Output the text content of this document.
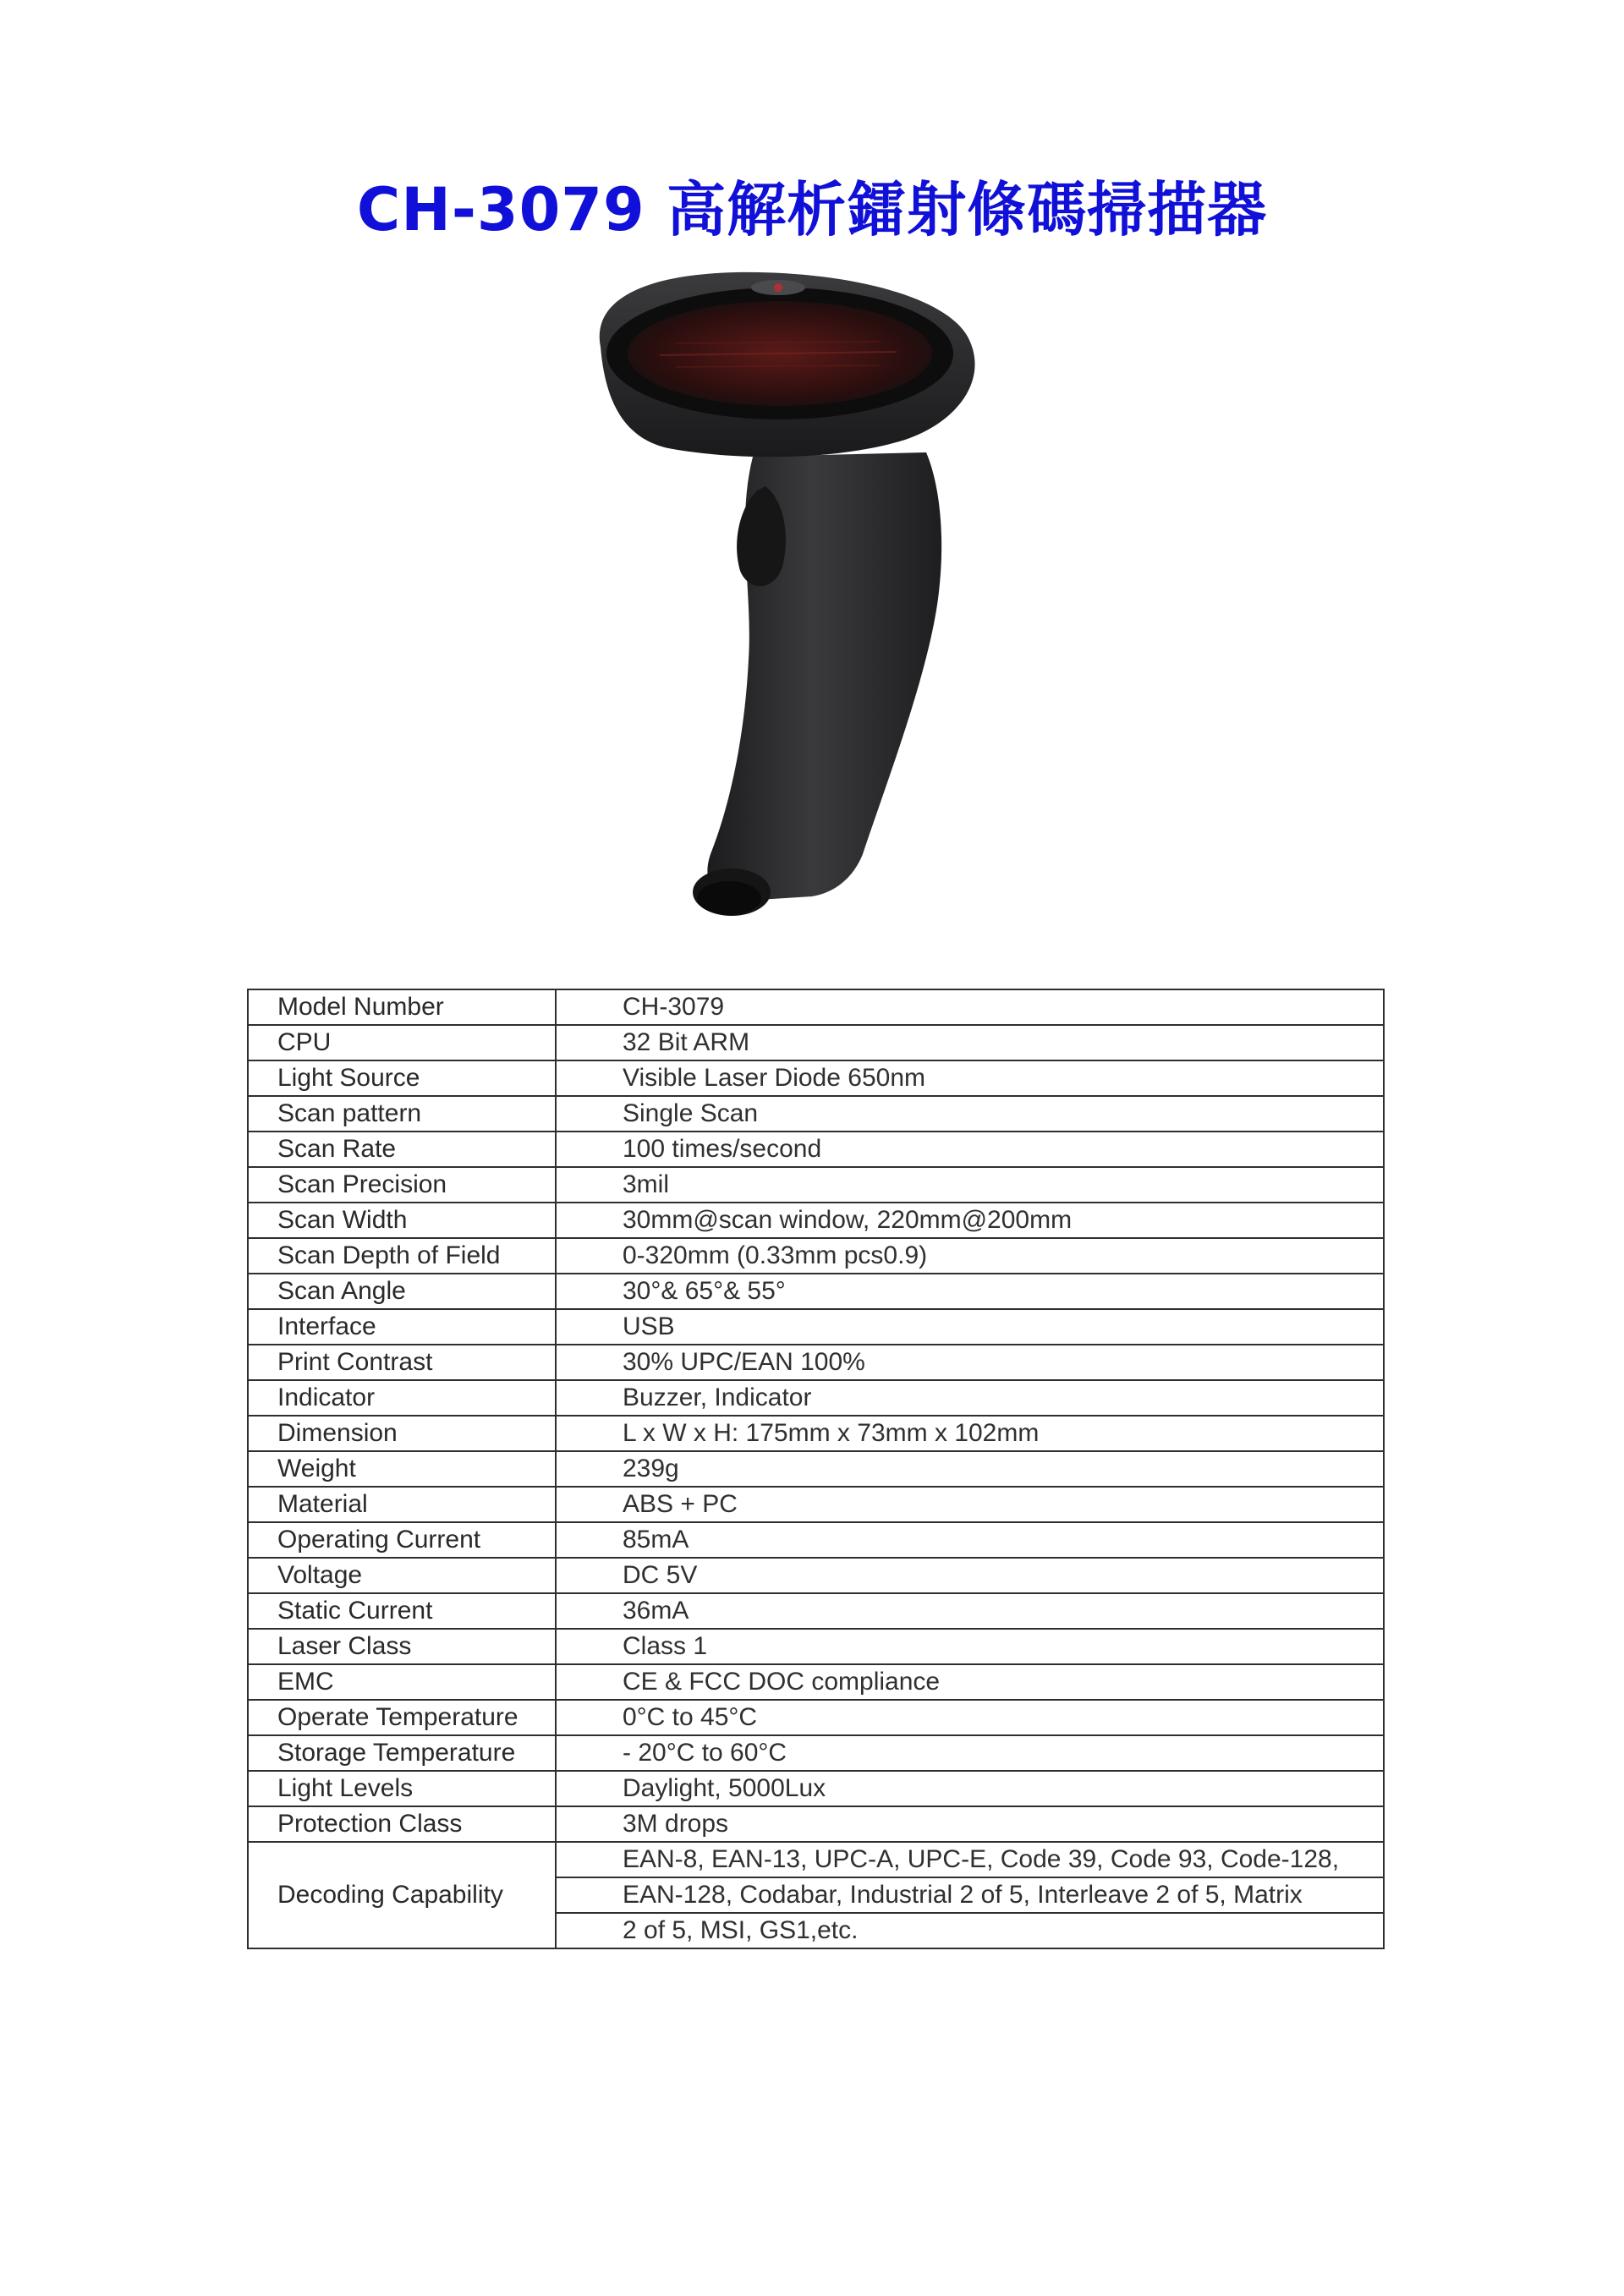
CH-3079 高解析鐳射條碼掃描器
Model Number	CH-3079
CPU	32 Bit ARM
Light Source	Visible Laser Diode 650nm
Scan pattern	Single Scan
Scan Rate	100 times/second
Scan Precision	3mil
Scan Width	30mm@scan window, 220mm@200mm
Scan Depth of Field	0-320mm (0.33mm pcs0.9)
Scan Angle	30°& 65°& 55°
Interface	USB
Print Contrast	30% UPC/EAN 100%
Indicator	Buzzer, Indicator
Dimension	L x W x H: 175mm x 73mm x 102mm
Weight	239g
Material	ABS + PC
Operating Current	85mA
Voltage	DC 5V
Static Current	36mA
Laser Class	Class 1
EMC	CE & FCC DOC compliance
Operate Temperature	0°C to 45°C
Storage Temperature	- 20°C to 60°C
Light Levels	Daylight, 5000Lux
Protection Class	3M drops
Decoding Capability	EAN-8, EAN-13, UPC-A, UPC-E, Code 39, Code 93, Code-128,
	EAN-128, Codabar, Industrial 2 of 5, Interleave 2 of 5, Matrix
	2 of 5, MSI, GS1,etc.
